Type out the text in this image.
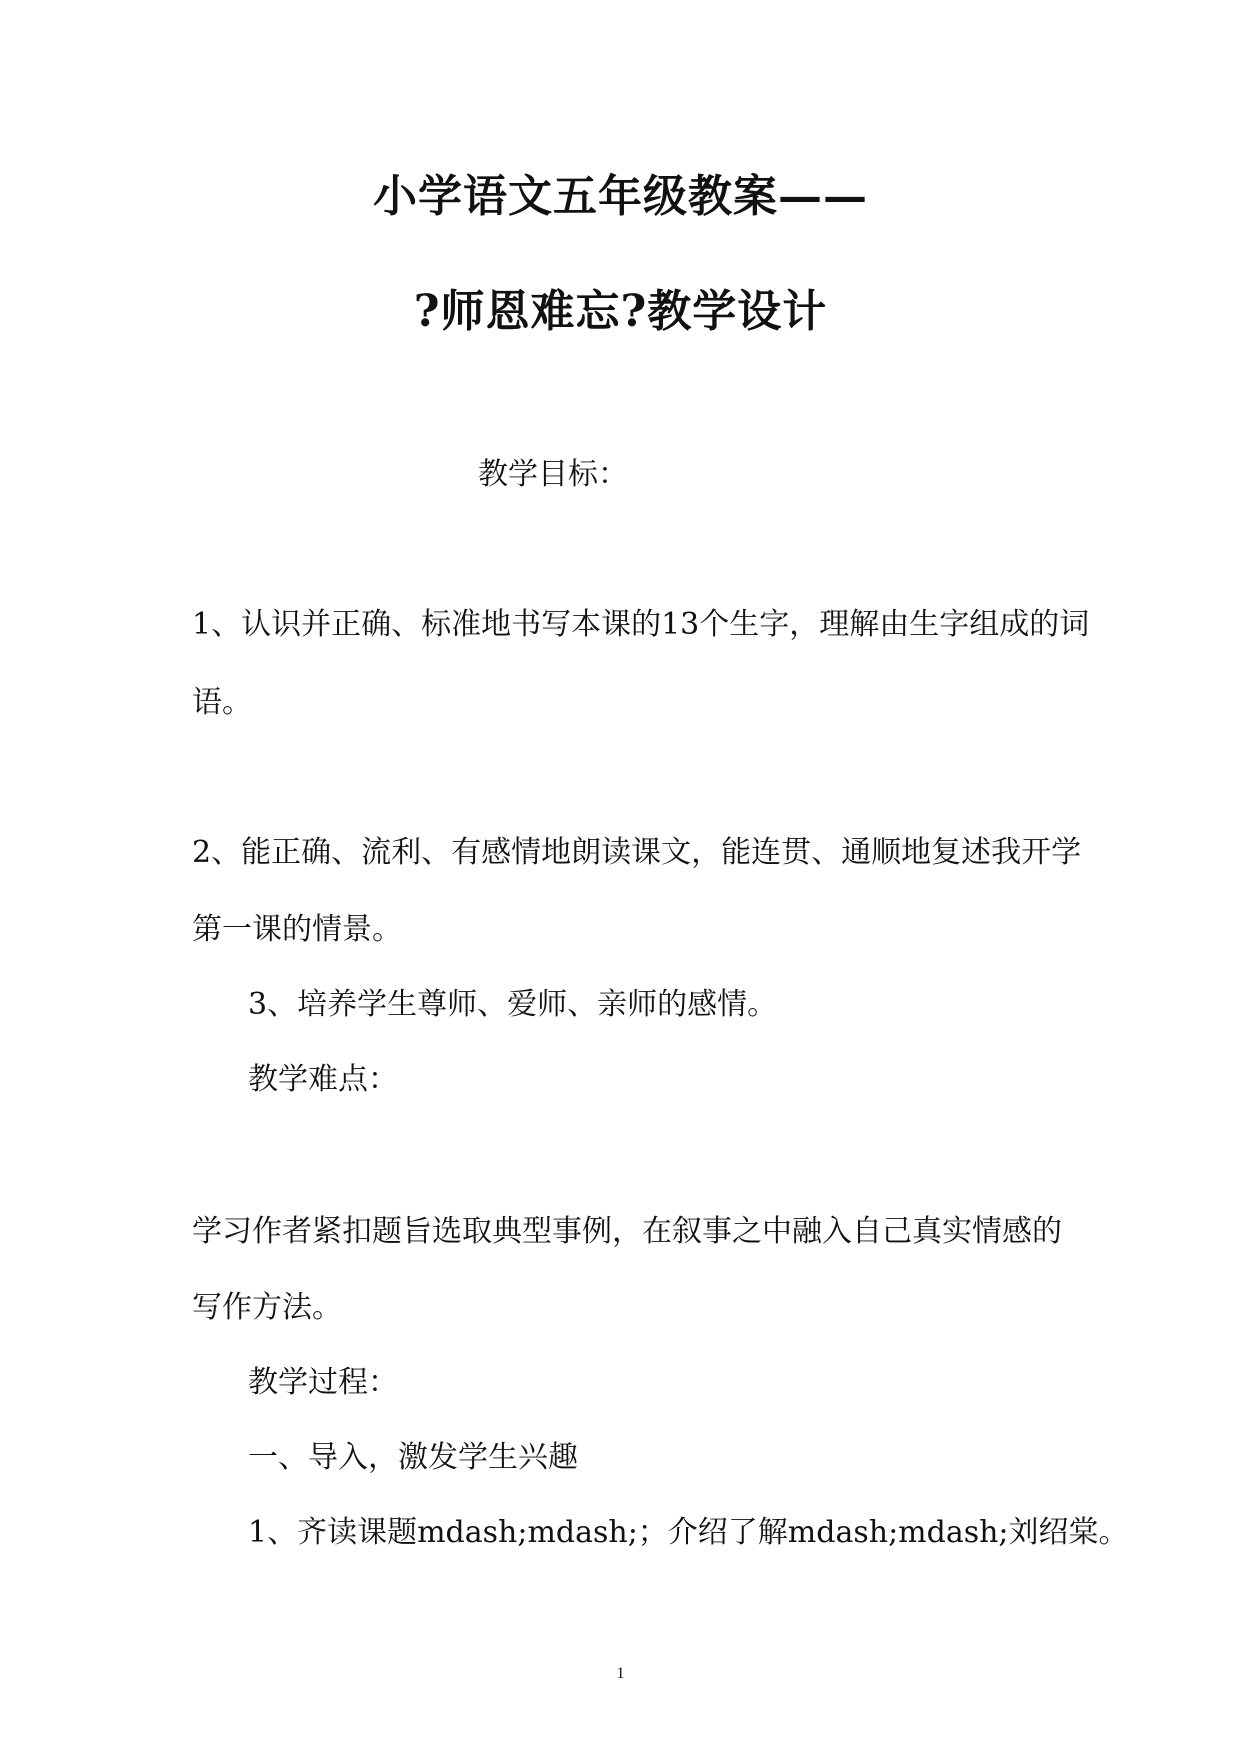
小学语文五年级教案——
?师恩难忘?教学设计
教学目标：
1、认识并正确、标准地书写本课的13个生字，理解由生字组成的词
语。
2、能正确、流利、有感情地朗读课文，能连贯、通顺地复述我开学
第一课的情景。
3、培养学生尊师、爱师、亲师的感情。
教学难点：
学习作者紧扣题旨选取典型事例，在叙事之中融入自己真实情感的
写作方法。
教学过程：
一、导入，激发学生兴趣
1、齐读课题mdash;mdash;；介绍了解mdash;mdash;刘绍棠。
1
